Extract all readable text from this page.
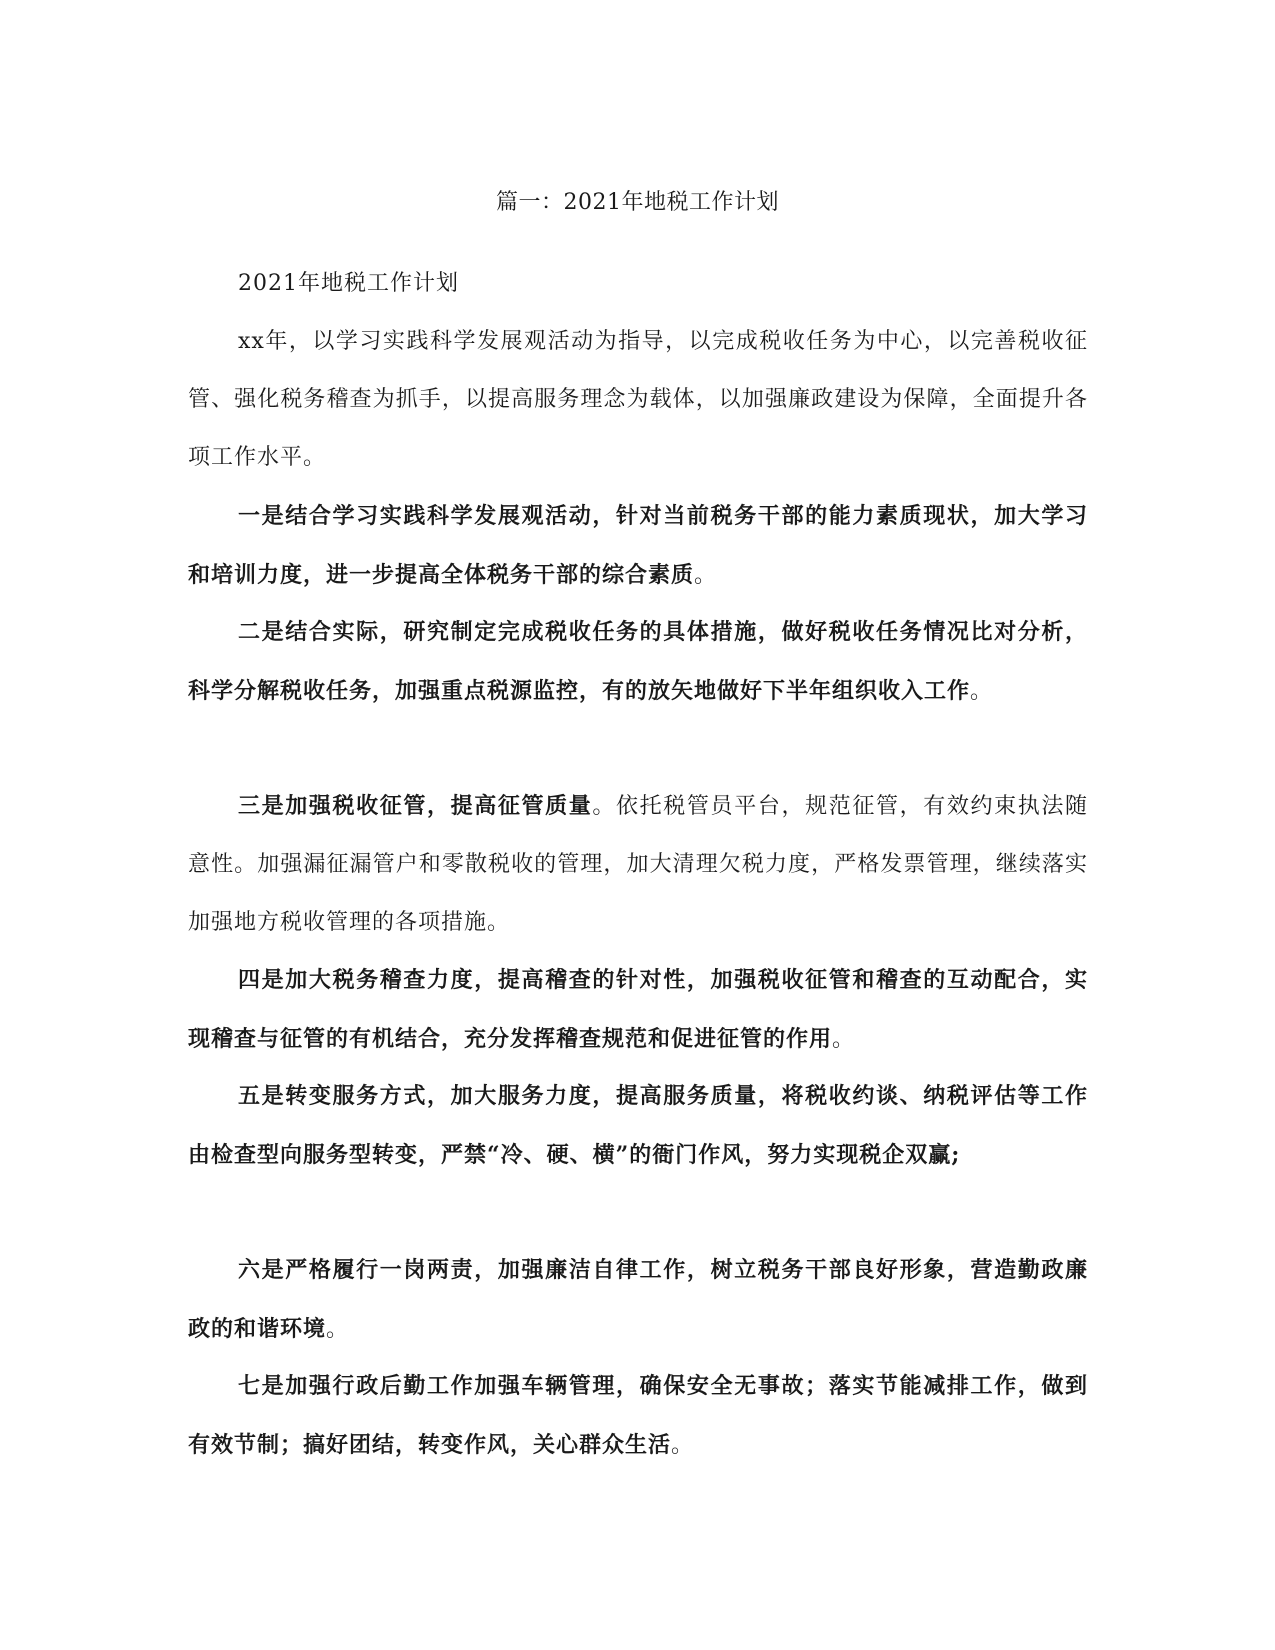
篇一：2021年地税工作计划

2021年地税工作计划

xx年，以学习实践科学发展观活动为指导，以完成税收任务为中心，以完善税收征管、强化税务稽查为抓手，以提高服务理念为载体，以加强廉政建设为保障，全面提升各项工作水平。

一是结合学习实践科学发展观活动，针对当前税务干部的能力素质现状，加大学习和培训力度，进一步提高全体税务干部的综合素质。

二是结合实际，研究制定完成税收任务的具体措施，做好税收任务情况比对分析，科学分解税收任务，加强重点税源监控，有的放矢地做好下半年组织收入工作。

三是加强税收征管，提高征管质量。依托税管员平台，规范征管，有效约束执法随意性。加强漏征漏管户和零散税收的管理，加大清理欠税力度，严格发票管理，继续落实加强地方税收管理的各项措施。

四是加大税务稽查力度，提高稽查的针对性，加强税收征管和稽查的互动配合，实现稽查与征管的有机结合，充分发挥稽查规范和促进征管的作用。

五是转变服务方式，加大服务力度，提高服务质量，将税收约谈、纳税评估等工作由检查型向服务型转变，严禁“冷、硬、横”的衙门作风，努力实现税企双赢;

六是严格履行一岗两责，加强廉洁自律工作，树立税务干部良好形象，营造勤政廉政的和谐环境。

七是加强行政后勤工作加强车辆管理，确保安全无事故；落实节能减排工作，做到有效节制；搞好团结，转变作风，关心群众生活。
